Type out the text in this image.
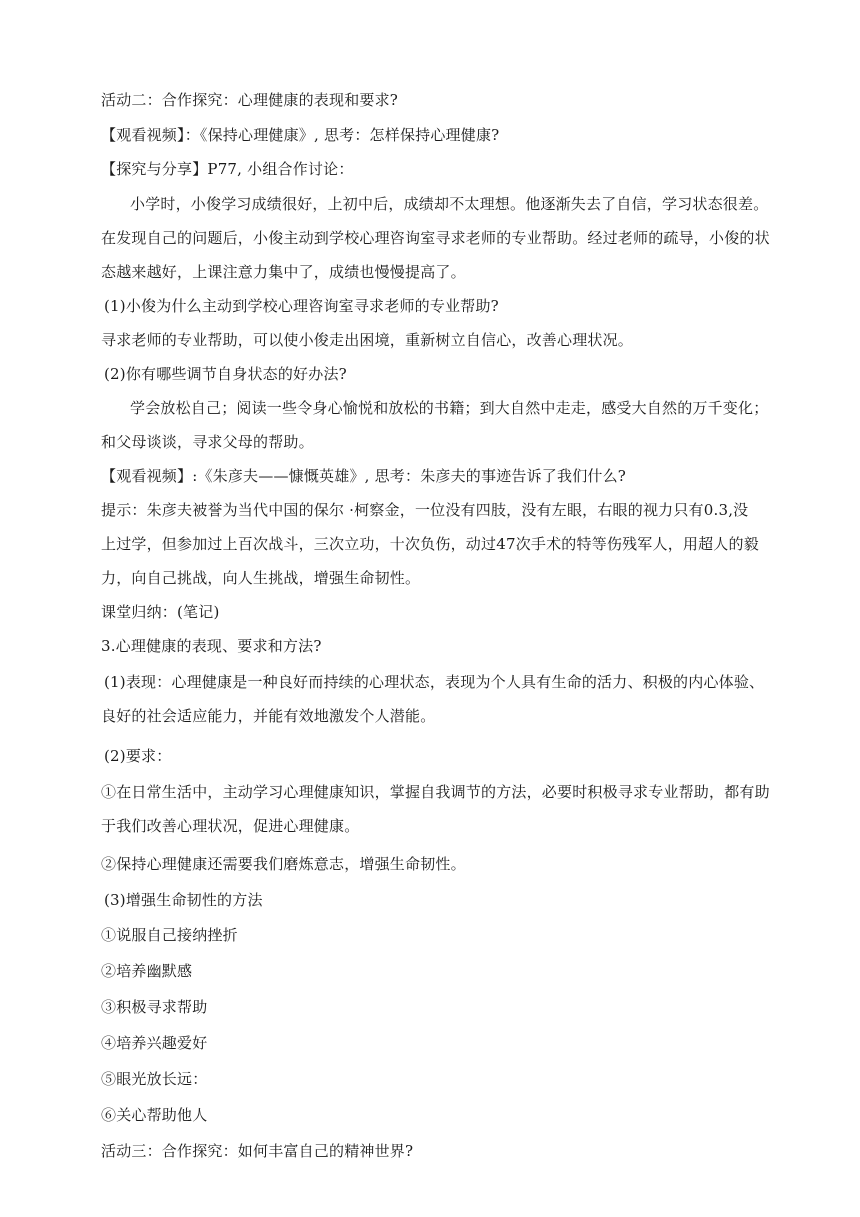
活动二：合作探究：心理健康的表现和要求?
【观看视频】：《保持心理健康》, 思考：怎样保持心理健康?
【探究与分享】P77, 小组合作讨论：
小学时，小俊学习成绩很好，上初中后，成绩却不太理想。他逐渐失去了自信，学习状态很差。
在发现自己的问题后，小俊主动到学校心理咨询室寻求老师的专业帮助。经过老师的疏导，小俊的状
态越来越好，上课注意力集中了，成绩也慢慢提高了。
(1)小俊为什么主动到学校心理咨询室寻求老师的专业帮助?
寻求老师的专业帮助，可以使小俊走出困境，重新树立自信心，改善心理状况。
(2)你有哪些调节自身状态的好办法?
学会放松自己；阅读一些令身心愉悦和放松的书籍；到大自然中走走，感受大自然的万千变化；
和父母谈谈，寻求父母的帮助。
【观看视频】:《朱彦夫——慷慨英雄》, 思考：朱彦夫的事迹告诉了我们什么?
提示：朱彦夫被誉为当代中国的保尔 ·柯察金，一位没有四肢，没有左眼，右眼的视力只有0.3,没
上过学，但参加过上百次战斗，三次立功，十次负伤，动过47次手术的特等伤残军人，用超人的毅
力，向自己挑战，向人生挑战，增强生命韧性。
课堂归纳：(笔记)
3.心理健康的表现、要求和方法?
(1)表现：心理健康是一种良好而持续的心理状态，表现为个人具有生命的活力、积极的内心体验、
良好的社会适应能力，并能有效地激发个人潜能。
(2)要求：
①在日常生活中，主动学习心理健康知识，掌握自我调节的方法，必要时积极寻求专业帮助，都有助
于我们改善心理状况，促进心理健康。
②保持心理健康还需要我们磨炼意志，增强生命韧性。
(3)增强生命韧性的方法
①说服自己接纳挫折
②培养幽默感
③积极寻求帮助
④培养兴趣爱好
⑤眼光放长远：
⑥关心帮助他人
活动三：合作探究：如何丰富自己的精神世界?
